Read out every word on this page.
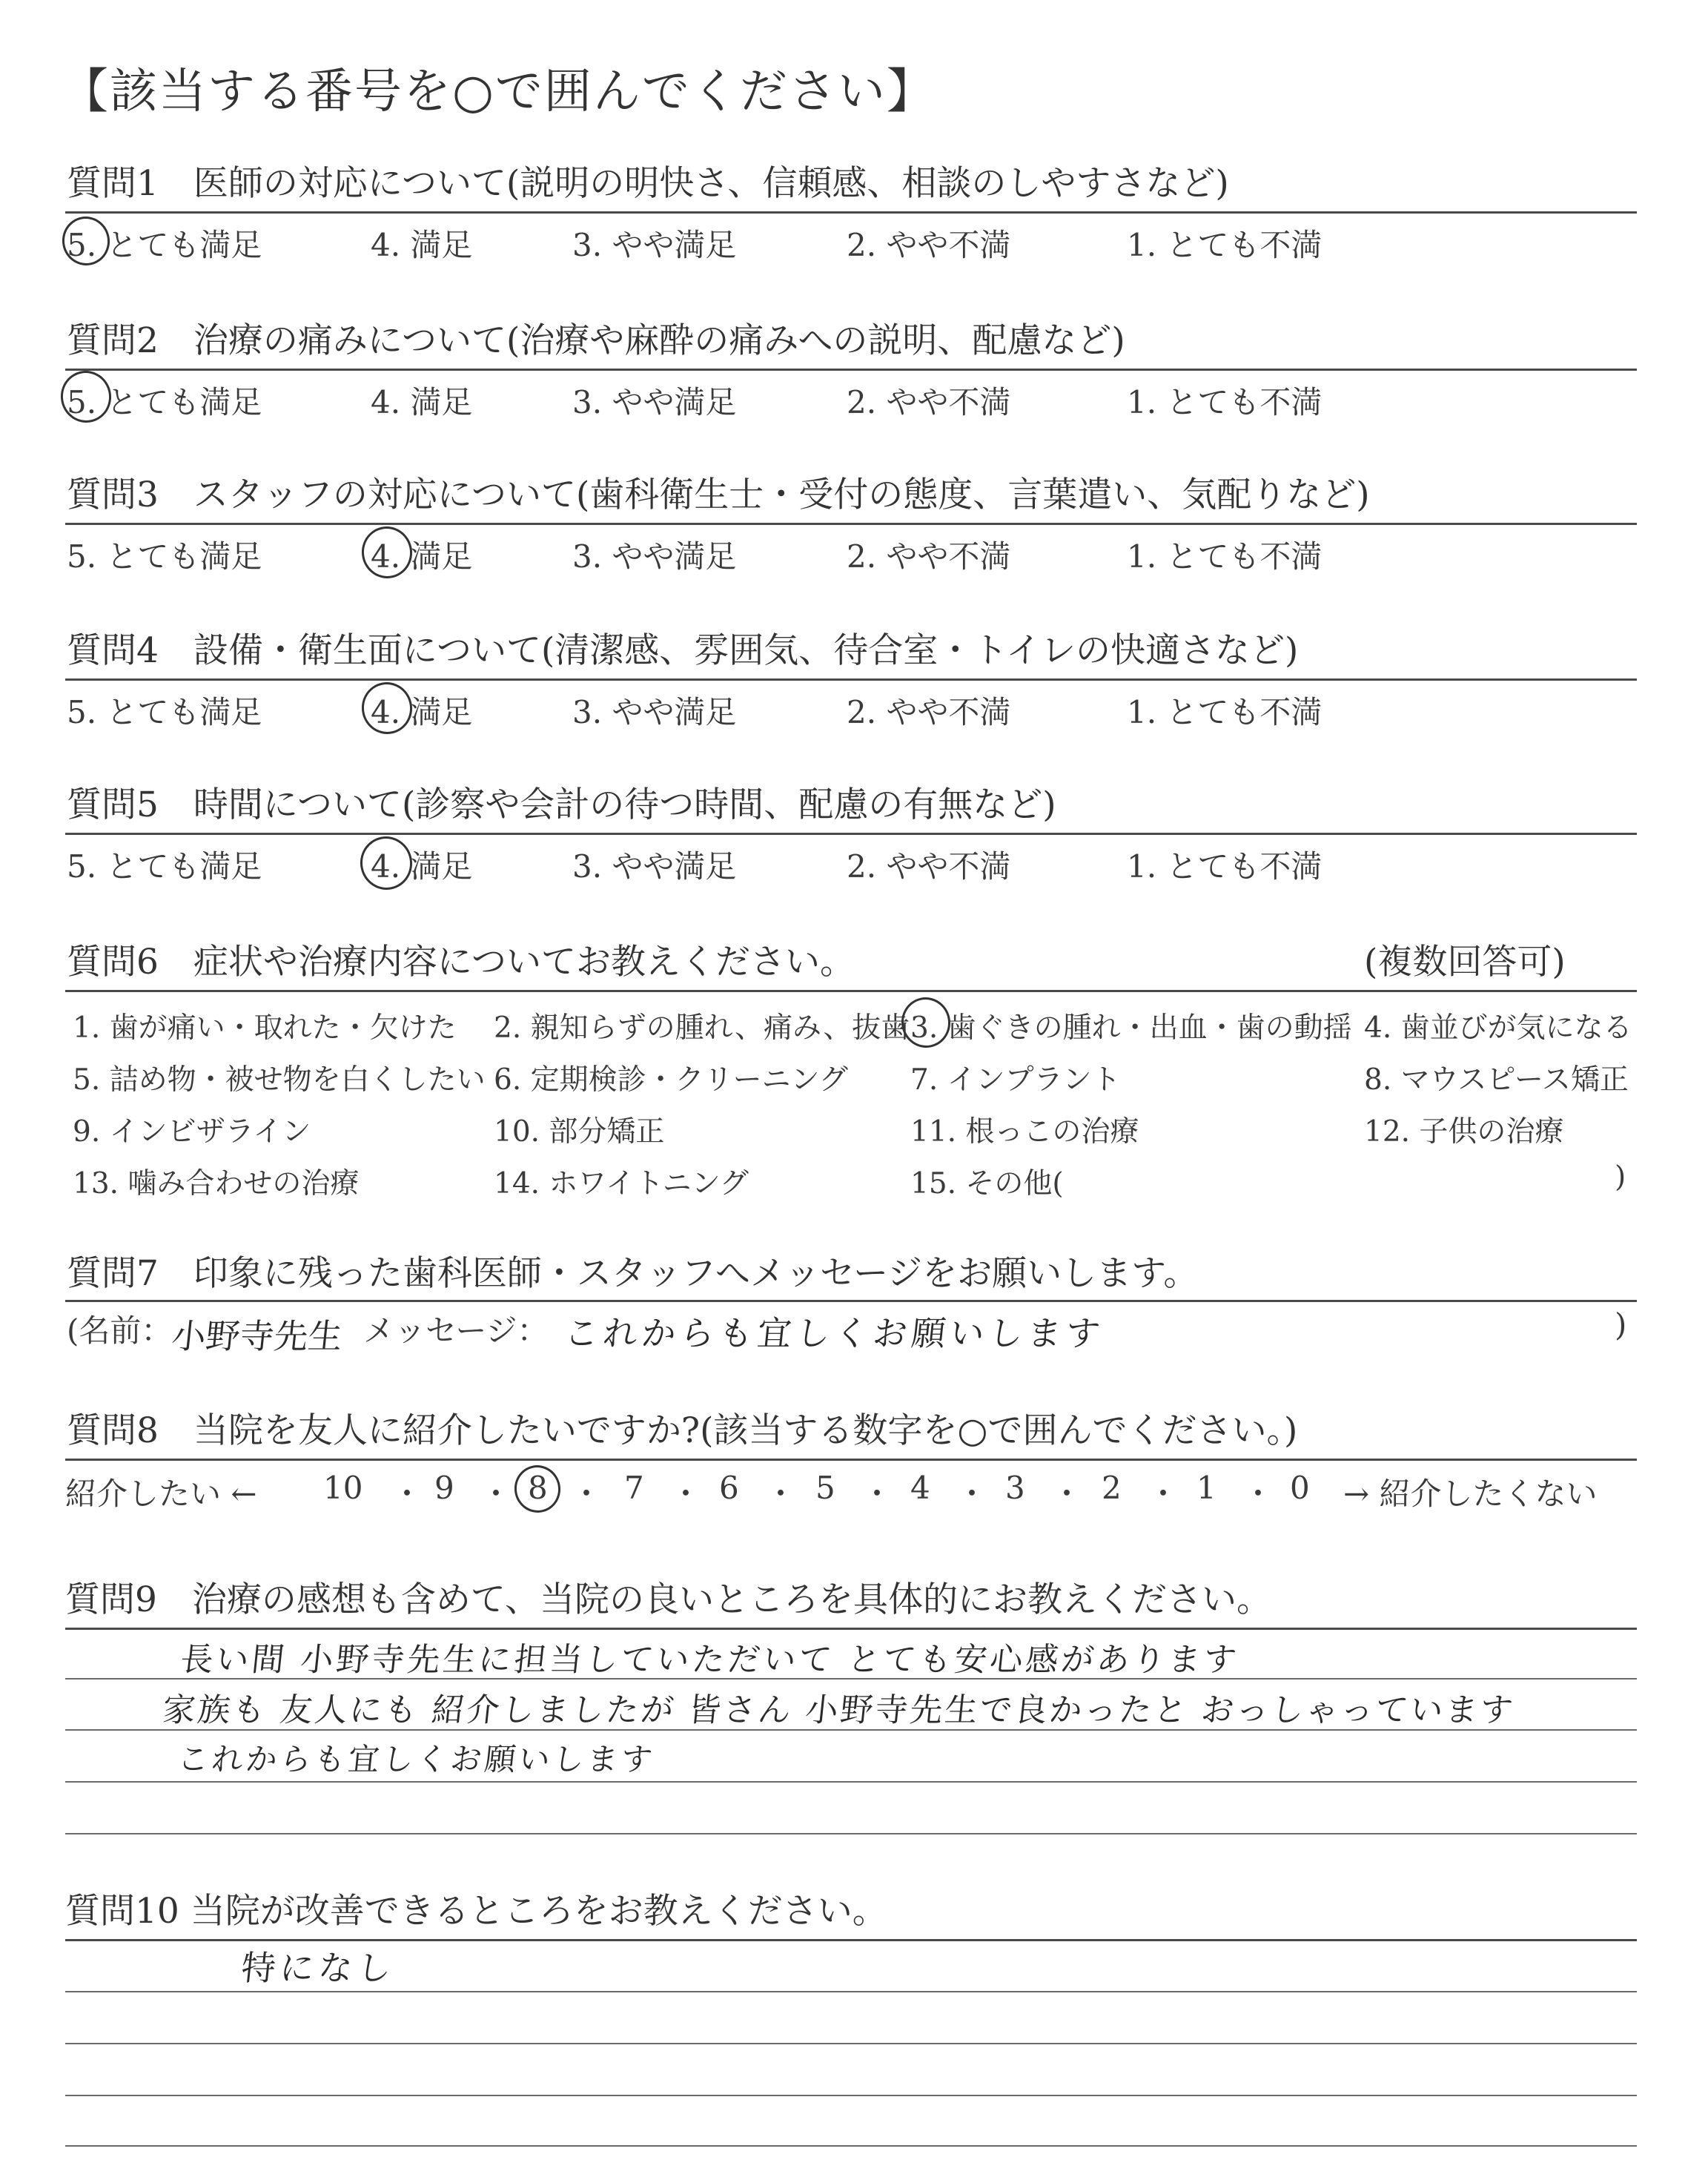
【該当する番号を○で囲んでください】
質問1　医師の対応について(説明の明快さ、信頼感、相談のしやすさなど)
5. とても満足	4. 満足	3. やや満足	2. やや不満	1. とても不満
質問2　治療の痛みについて(治療や麻酔の痛みへの説明、配慮など)
5. とても満足	4. 満足	3. やや満足	2. やや不満	1. とても不満
質問3　スタッフの対応について(歯科衛生士・受付の態度、言葉遣い、気配りなど)
5. とても満足	4. 満足	3. やや満足	2. やや不満	1. とても不満
質問4　設備・衛生面について(清潔感、雰囲気、待合室・トイレの快適さなど)
5. とても満足	4. 満足	3. やや満足	2. やや不満	1. とても不満
質問5　時間について(診察や会計の待つ時間、配慮の有無など)
5. とても満足	4. 満足	3. やや満足	2. やや不満	1. とても不満
質問6　症状や治療内容についてお教えください。	(複数回答可)
1. 歯が痛い・取れた・欠けた 2. 親知らずの腫れ、痛み、抜歯 3. 歯ぐきの腫れ・出血・歯の動揺 4. 歯並びが気になる
5. 詰め物・被せ物を白くしたい 6. 定期検診・クリーニング 7. インプラント	8. マウスピース矯正
9. インビザライン	10. 部分矯正	11. 根っこの治療	12. 子供の治療
13. 噛み合わせの治療	14. ホワイトニング	15. その他(	)
質問7　印象に残った歯科医師・スタッフへメッセージをお願いします。
(名前：
小野寺先生 メッセージ： これからも宜しくお願いします	)
質問8　当院を友人に紹介したいですか?(該当する数字を○で囲んでください。)
紹介したい ← 10 ・ 9 ・ 8 ・ 7 ・ 6 ・ 5 ・ 4 ・ 3 ・ 2 ・ 1 ・ 0 → 紹介したくない
質問9　治療の感想も含めて、当院の良いところを具体的にお教えください。
長い間 小野寺先生に担当していただいて とても安心感があります
家族も 友人にも 紹介しましたが 皆さん 小野寺先生で良かったと おっしゃっています
これからも宜しくお願いします
質問10 当院が改善できるところをお教えください。
特になし
